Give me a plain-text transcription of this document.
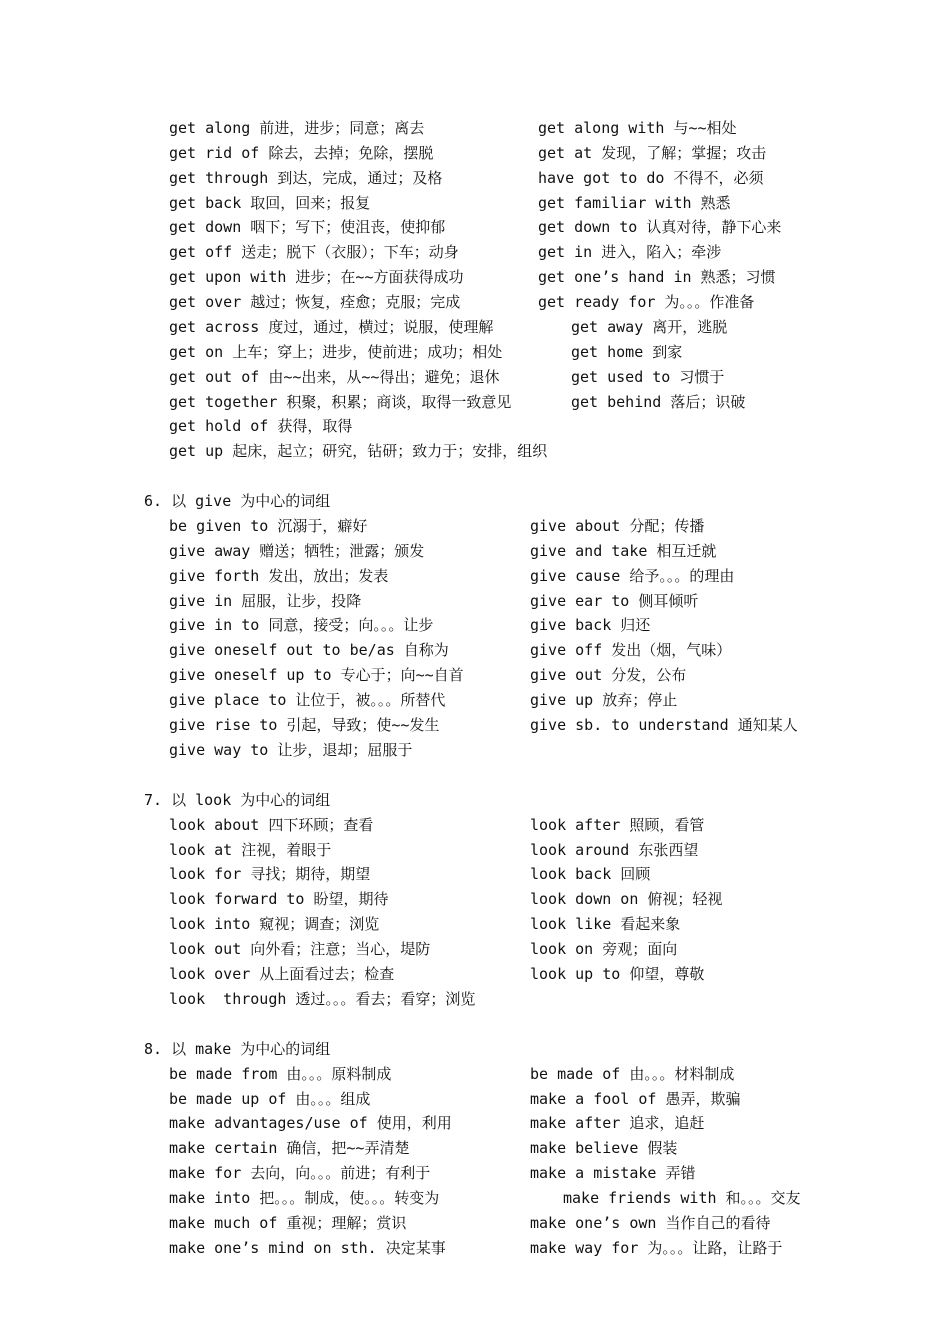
get along 前进，进步；同意；离去
get rid of 除去，去掉；免除，摆脱
get through 到达，完成，通过；及格
get back 取回，回来；报复
get down 咽下；写下；使沮丧，使抑郁
get off 送走；脱下（衣服）；下车；动身
get upon with 进步；在~~方面获得成功
get over 越过；恢复，痊愈；克服；完成
get across 度过，通过，横过；说服，使理解
get on 上车；穿上；进步，使前进；成功；相处
get out of 由~~出来，从~~得出；避免；退休
get together 积聚，积累；商谈，取得一致意见
get hold of 获得，取得
get up 起床，起立；研究，钻研；致力于；安排，组织
get along with 与~~相处
get at 发现，了解；掌握；攻击
have got to do 不得不，必须
get familiar with 熟悉
get down to 认真对待，静下心来
get in 进入，陷入；牵涉
get one’s hand in 熟悉；习惯
get ready for 为。。。作准备
get away 离开，逃脱
get home 到家
get used to 习惯于
get behind 落后；识破
6. 以 give 为中心的词组
be given to 沉溺于，癖好
give away 赠送；牺牲；泄露；颁发
give forth 发出，放出；发表
give in 屈服，让步，投降
give in to 同意，接受；向。。。让步
give oneself out to be/as 自称为
give oneself up to 专心于；向~~自首
give place to 让位于，被。。。所替代
give rise to 引起，导致；使~~发生
give way to 让步，退却；屈服于
give about 分配；传播
give and take 相互迁就
give cause 给予。。。的理由
give ear to 侧耳倾听
give back 归还
give off 发出（烟，气味）
give out 分发，公布
give up 放弃；停止
give sb. to understand 通知某人
7. 以 look 为中心的词组
look about 四下环顾；查看
look at 注视，着眼于
look for 寻找；期待，期望
look forward to 盼望，期待
look into 窥视；调查；浏览
look out 向外看；注意；当心，堤防
look over 从上面看过去；检查
look  through 透过。。。看去；看穿；浏览
look after 照顾，看管
look around 东张西望
look back 回顾
look down on 俯视；轻视
look like 看起来象
look on 旁观；面向
look up to 仰望，尊敬
8. 以 make 为中心的词组
be made from 由。。。原料制成
be made up of 由。。。组成
make advantages/use of 使用，利用
make certain 确信，把~~弄清楚
make for 去向，向。。。前进；有利于
make into 把。。。制成，使。。。转变为
make much of 重视；理解；赏识
make one’s mind on sth. 决定某事
be made of 由。。。材料制成
make a fool of 愚弄，欺骗
make after 追求，追赶
make believe 假装
make a mistake 弄错
make friends with 和。。。交友
make one’s own 当作自己的看待
make way for 为。。。让路，让路于
